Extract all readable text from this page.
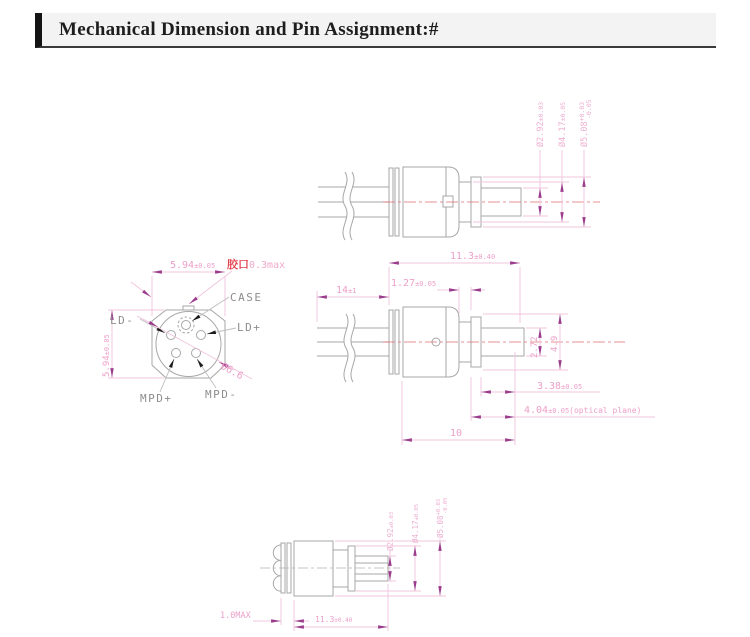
Mechanical Dimension and Pin Assignment:#
Ø2.92±0.03
Ø4.17±0.05
Ø5.08+0.03-0.05
5.94±0.05
5.94±0.05
胶口0.3max
CASE
LD+
LD-
MPD+	MPD-
Ø6.6
11.3±0.40
1.27±0.05
14±1
2.72 4.9
3.38±0.05
4.04±0.05(optical plane)
10
Ø2.92±0.03
Ø4.17±0.05
Ø5.08+0.03-0.05
1.0MAX	11.3±0.40
